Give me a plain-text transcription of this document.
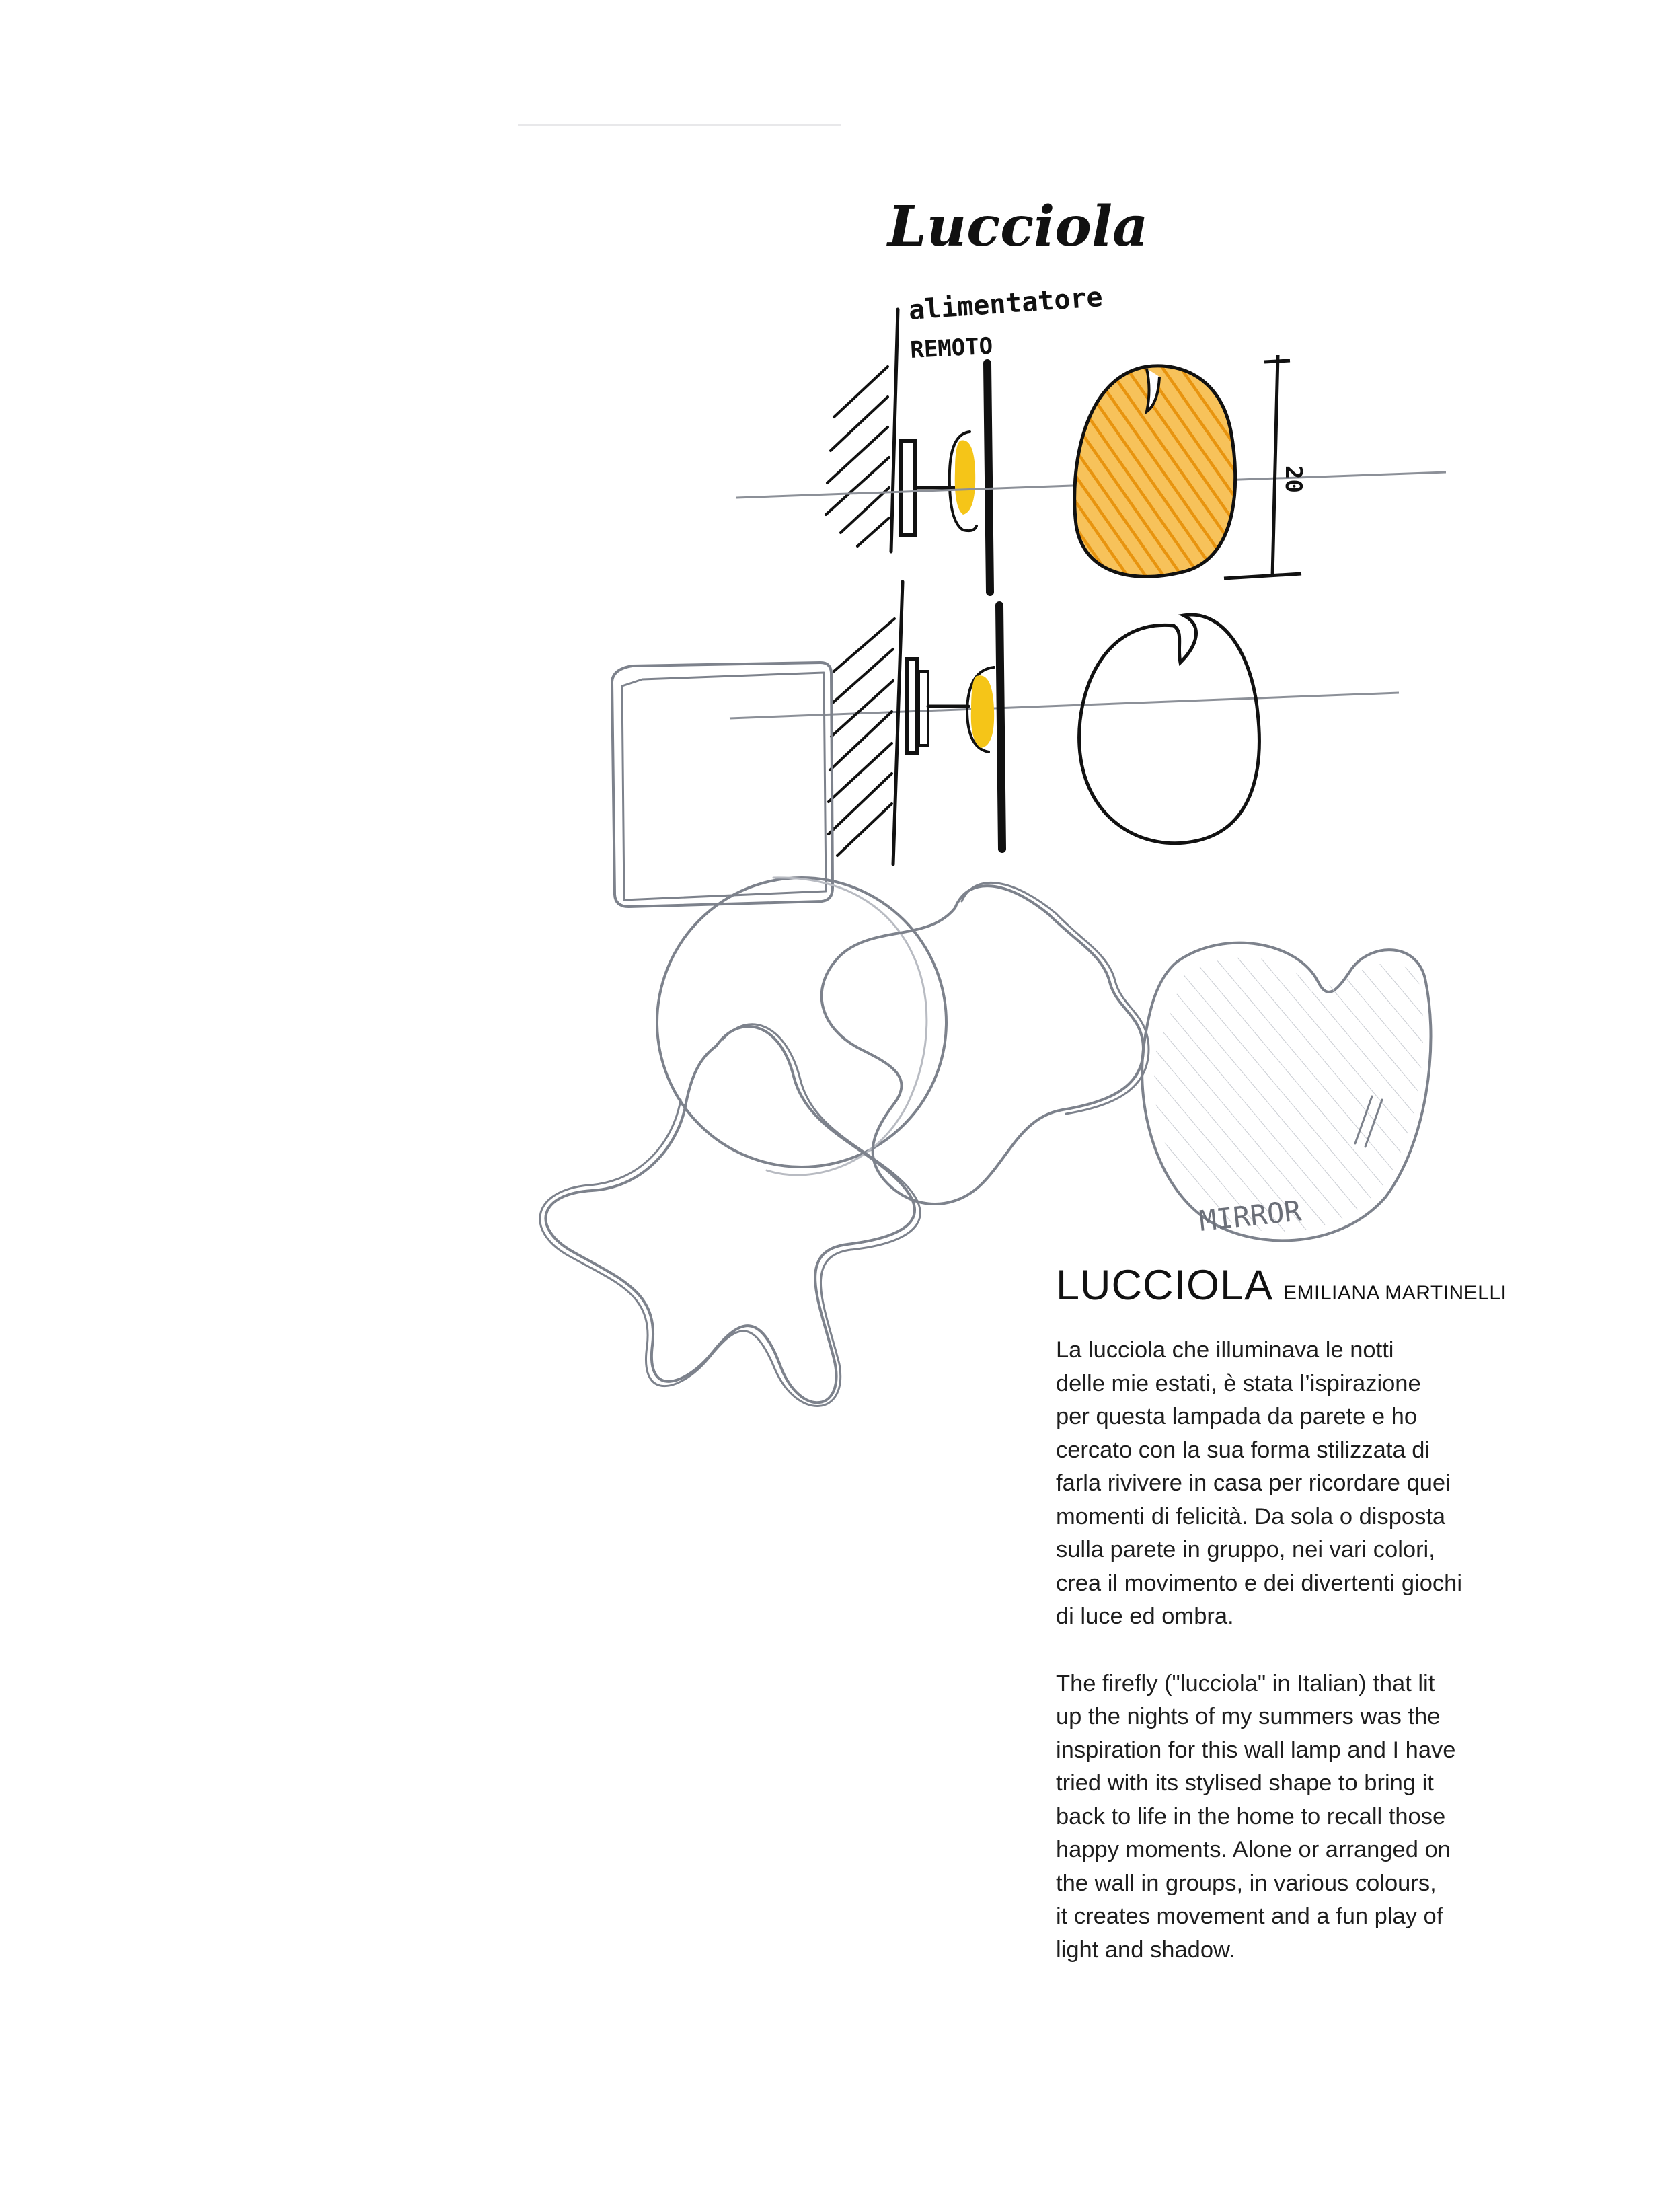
Lucciola
alimentatore
REMOTO
20
MIRROR
LUCCIOLA EMILIANA MARTINELLI

La lucciola che illuminava le notti
delle mie estati, è stata l’ispirazione
per questa lampada da parete e ho
cercato con la sua forma stilizzata di
farla rivivere in casa per ricordare quei
momenti di felicità. Da sola o disposta
sulla parete in gruppo, nei vari colori,
crea il movimento e dei divertenti giochi
di luce ed ombra.

The firefly ("lucciola" in Italian) that lit
up the nights of my summers was the
inspiration for this wall lamp and I have
tried with its stylised shape to bring it
back to life in the home to recall those
happy moments. Alone or arranged on
the wall in groups, in various colours,
it creates movement and a fun play of
light and shadow.
